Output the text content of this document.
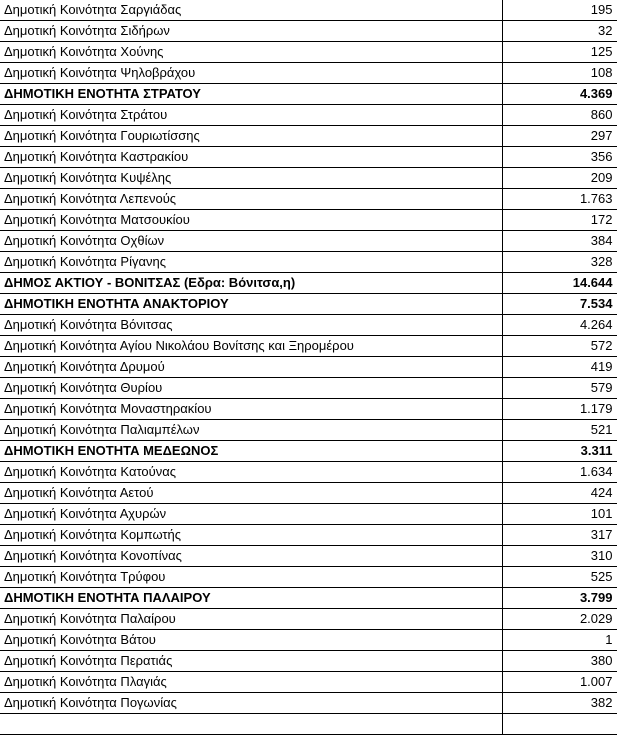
Δημοτική Κοινότητα Σαργιάδας	195
Δημοτική Κοινότητα Σιδήρων	32
Δημοτική Κοινότητα Χούνης	125
Δημοτική Κοινότητα Ψηλοβράχου	108
ΔΗΜΟΤΙΚΗ ΕΝΟΤΗΤΑ ΣΤΡΑΤΟΥ	4.369
Δημοτική Κοινότητα Στράτου	860
Δημοτική Κοινότητα Γουριωτίσσης	297
Δημοτική Κοινότητα Καστρακίου	356
Δημοτική Κοινότητα Κυψέλης	209
Δημοτική Κοινότητα Λεπενούς	1.763
Δημοτική Κοινότητα Ματσουκίου	172
Δημοτική Κοινότητα Οχθίων	384
Δημοτική Κοινότητα Ρίγανης	328
ΔΗΜΟΣ ΑΚΤΙΟΥ - ΒΟΝΙΤΣΑΣ (Εδρα: Βόνιτσα,η)	14.644
ΔΗΜΟΤΙΚΗ ΕΝΟΤΗΤΑ ΑΝΑΚΤΟΡΙΟΥ	7.534
Δημοτική Κοινότητα Βόνιτσας	4.264
Δημοτική Κοινότητα Αγίου Νικολάου Βονίτσης και Ξηρομέρου	572
Δημοτική Κοινότητα Δρυμού	419
Δημοτική Κοινότητα Θυρίου	579
Δημοτική Κοινότητα Μοναστηρακίου	1.179
Δημοτική Κοινότητα Παλιαμπέλων	521
ΔΗΜΟΤΙΚΗ ΕΝΟΤΗΤΑ ΜΕΔΕΩΝΟΣ	3.311
Δημοτική Κοινότητα Κατούνας	1.634
Δημοτική Κοινότητα Αετού	424
Δημοτική Κοινότητα Αχυρών	101
Δημοτική Κοινότητα Κομπωτής	317
Δημοτική Κοινότητα Κονοπίνας	310
Δημοτική Κοινότητα Τρύφου	525
ΔΗΜΟΤΙΚΗ ΕΝΟΤΗΤΑ ΠΑΛΑΙΡΟΥ	3.799
Δημοτική Κοινότητα Παλαίρου	2.029
Δημοτική Κοινότητα Βάτου	1
Δημοτική Κοινότητα Περατιάς	380
Δημοτική Κοινότητα Πλαγιάς	1.007
Δημοτική Κοινότητα Πογωνίας	382
